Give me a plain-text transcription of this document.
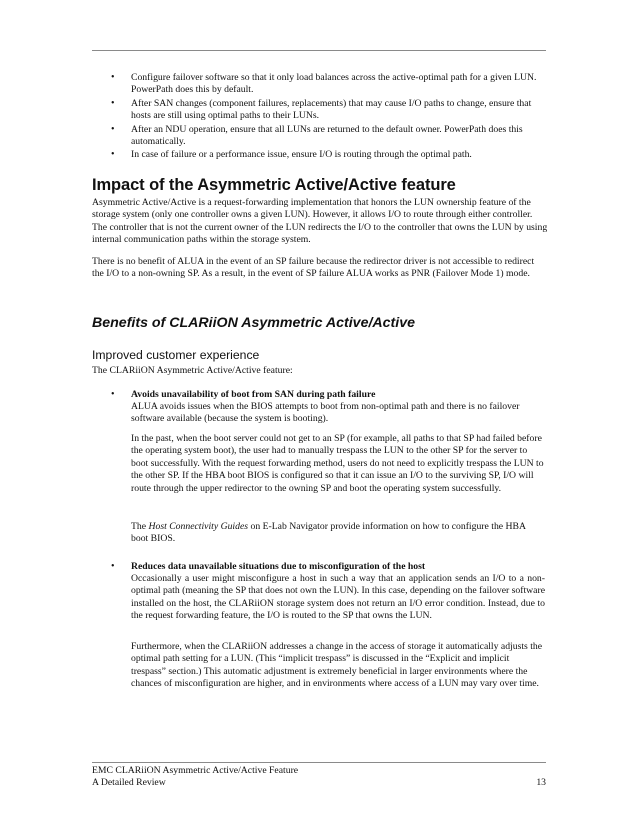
• Configure failover software so that it only load balances across the active-optimal path for a given LUN. PowerPath does this by default.
• After SAN changes (component failures, replacements) that may cause I/O paths to change, ensure that hosts are still using optimal paths to their LUNs.
• After an NDU operation, ensure that all LUNs are returned to the default owner. PowerPath does this automatically.
• In case of failure or a performance issue, ensure I/O is routing through the optimal path.
Impact of the Asymmetric Active/Active feature
Asymmetric Active/Active is a request-forwarding implementation that honors the LUN ownership feature of the storage system (only one controller owns a given LUN). However, it allows I/O to route through either controller. The controller that is not the current owner of the LUN redirects the I/O to the controller that owns the LUN by using internal communication paths within the storage system.
There is no benefit of ALUA in the event of an SP failure because the redirector driver is not accessible to redirect the I/O to a non-owning SP. As a result, in the event of SP failure ALUA works as PNR (Failover Mode 1) mode.
Benefits of CLARiiON Asymmetric Active/Active
Improved customer experience
The CLARiiON Asymmetric Active/Active feature:
• Avoids unavailability of boot from SAN during path failure
ALUA avoids issues when the BIOS attempts to boot from non-optimal path and there is no failover software available (because the system is booting).
In the past, when the boot server could not get to an SP (for example, all paths to that SP had failed before the operating system boot), the user had to manually trespass the LUN to the other SP for the server to boot successfully. With the request forwarding method, users do not need to explicitly trespass the LUN to the other SP. If the HBA boot BIOS is configured so that it can issue an I/O to the surviving SP, I/O will route through the upper redirector to the owning SP and boot the operating system successfully.
The Host Connectivity Guides on E-Lab Navigator provide information on how to configure the HBA boot BIOS.
• Reduces data unavailable situations due to misconfiguration of the host
Occasionally a user might misconfigure a host in such a way that an application sends an I/O to a non-optimal path (meaning the SP that does not own the LUN). In this case, depending on the failover software installed on the host, the CLARiiON storage system does not return an I/O error condition. Instead, due to the request forwarding feature, the I/O is routed to the SP that owns the LUN.
Furthermore, when the CLARiiON addresses a change in the access of storage it automatically adjusts the optimal path setting for a LUN. (This “implicit trespass” is discussed in the “Explicit and implicit trespass” section.) This automatic adjustment is extremely beneficial in larger environments where the chances of misconfiguration are higher, and in environments where access of a LUN may vary over time.
EMC CLARiiON Asymmetric Active/Active Feature
A Detailed Review	13
